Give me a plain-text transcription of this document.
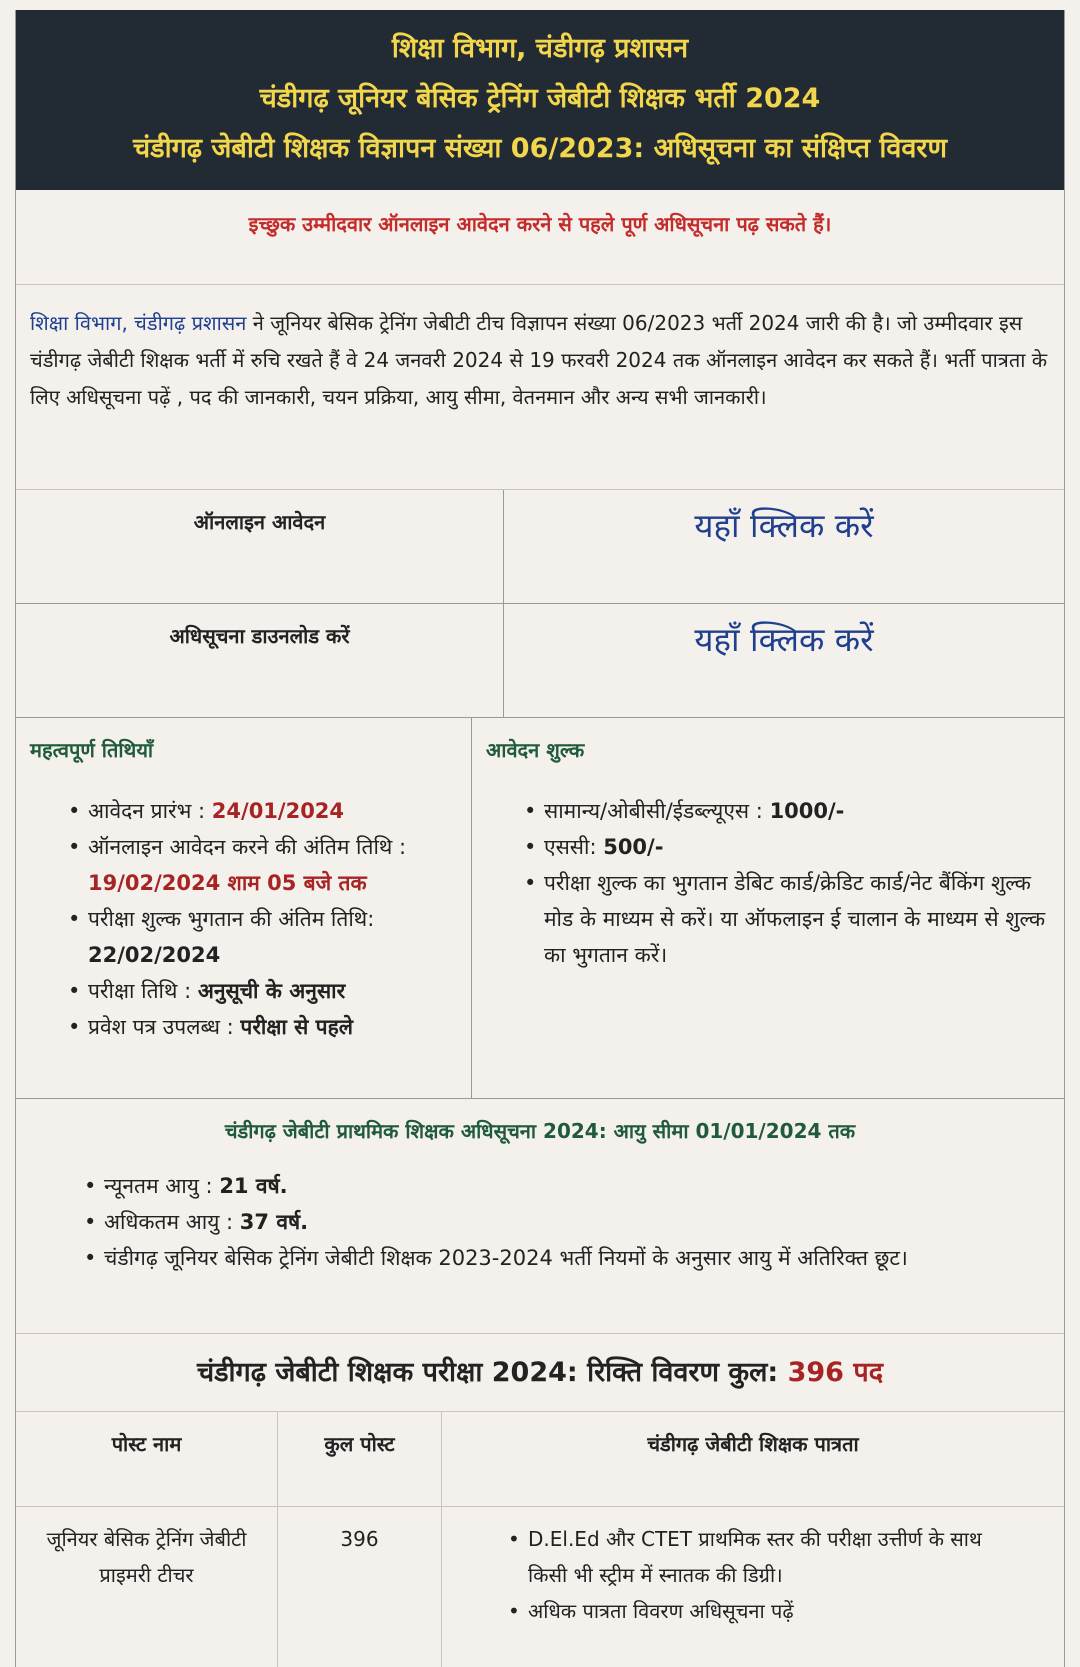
शिक्षा विभाग, चंडीगढ़ प्रशासन
चंडीगढ़ जूनियर बेसिक ट्रेनिंग जेबीटी शिक्षक भर्ती 2024
चंडीगढ़ जेबीटी शिक्षक विज्ञापन संख्या 06/2023: अधिसूचना का संक्षिप्त विवरण
इच्छुक उम्मीदवार ऑनलाइन आवेदन करने से पहले पूर्ण अधिसूचना पढ़ सकते हैं।
शिक्षा विभाग, चंडीगढ़ प्रशासन ने जूनियर बेसिक ट्रेनिंग जेबीटी टीच विज्ञापन संख्या 06/2023 भर्ती 2024 जारी की है। जो उम्मीदवार इस चंडीगढ़ जेबीटी शिक्षक भर्ती में रुचि रखते हैं वे 24 जनवरी 2024 से 19 फरवरी 2024 तक ऑनलाइन आवेदन कर सकते हैं। भर्ती पात्रता के लिए अधिसूचना पढ़ें , पद की जानकारी, चयन प्रक्रिया, आयु सीमा, वेतनमान और अन्य सभी जानकारी।
ऑनलाइन आवेदन	यहाँ क्लिक करें
अधिसूचना डाउनलोड करें	यहाँ क्लिक करें
महत्वपूर्ण तिथियाँ
• आवेदन प्रारंभ : 24/01/2024
• ऑनलाइन आवेदन करने की अंतिम तिथि : 19/02/2024 शाम 05 बजे तक
• परीक्षा शुल्क भुगतान की अंतिम तिथि: 22/02/2024
• परीक्षा तिथि : अनुसूची के अनुसार
• प्रवेश पत्र उपलब्ध : परीक्षा से पहले
आवेदन शुल्क
• सामान्य/ओबीसी/ईडब्ल्यूएस : 1000/-
• एससी: 500/-
• परीक्षा शुल्क का भुगतान डेबिट कार्ड/क्रेडिट कार्ड/नेट बैंकिंग शुल्क मोड के माध्यम से करें। या ऑफलाइन ई चालान के माध्यम से शुल्क का भुगतान करें।
चंडीगढ़ जेबीटी प्राथमिक शिक्षक अधिसूचना 2024: आयु सीमा 01/01/2024 तक
• न्यूनतम आयु : 21 वर्ष.
• अधिकतम आयु : 37 वर्ष.
• चंडीगढ़ जूनियर बेसिक ट्रेनिंग जेबीटी शिक्षक 2023-2024 भर्ती नियमों के अनुसार आयु में अतिरिक्त छूट।
चंडीगढ़ जेबीटी शिक्षक परीक्षा 2024: रिक्ति विवरण कुल: 396 पद
पोस्ट नाम	कुल पोस्ट	चंडीगढ़ जेबीटी शिक्षक पात्रता
जूनियर बेसिक ट्रेनिंग जेबीटी प्राइमरी टीचर
396
•	D.El.Ed और CTET प्राथमिक स्तर की परीक्षा उत्तीर्ण के साथ किसी भी स्ट्रीम में स्नातक की डिग्री।
• अधिक पात्रता विवरण अधिसूचना पढ़ें
